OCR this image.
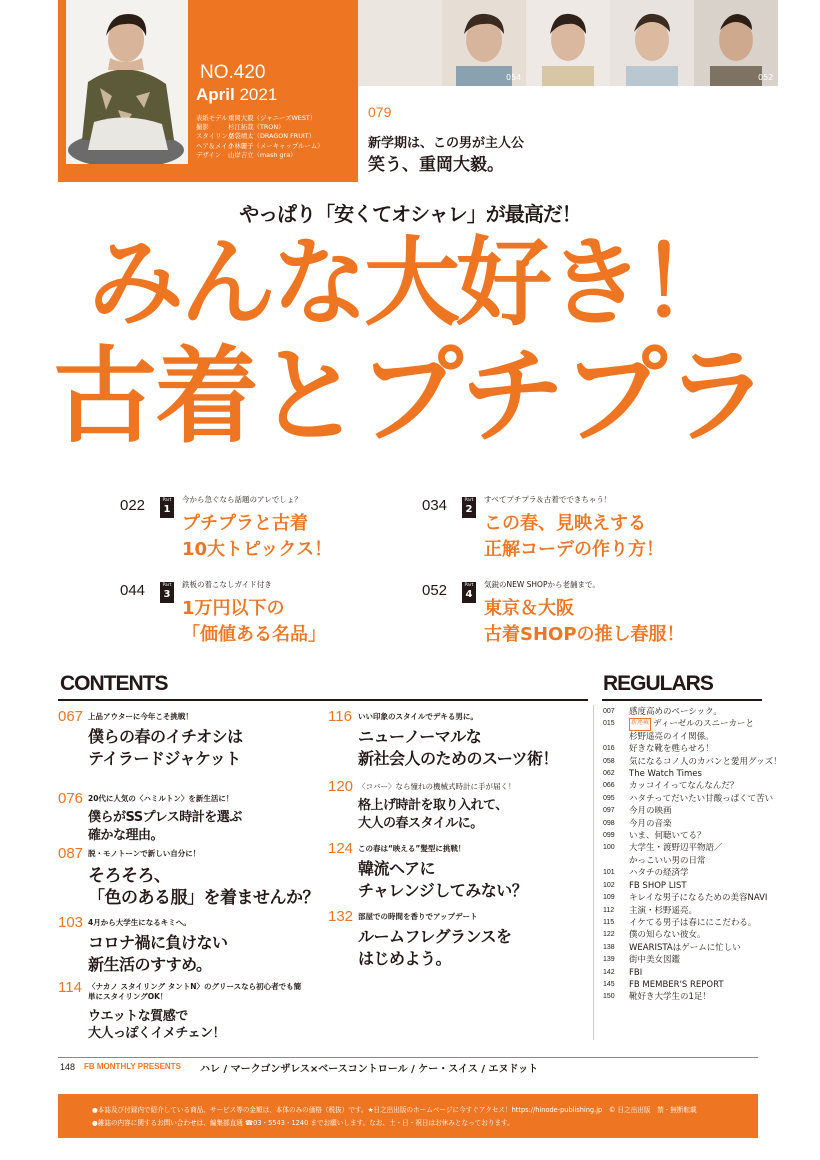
NO.420
April 2021
表紙モデル 重岡大毅（ジャニーズWEST）
撮影	杉江拓哉（TRON）
スタイリング
島袋靖太（DRAGON FRUIT）
ヘア＆メイク
小林麗子（メーキャップルーム）
デザイン	山岸吉立（mash gra）
054	052
079
新学期は、この男が主人公
笑う、重岡大毅。
やっぱり「安くてオシャレ」が最高だ！
みんな大好き！
古着とプチプラ
022	Part
1
今から急ぐなら話題のアレでしょ？
プチプラと古着
10大トピックス！
034	Part
2
すべてプチプラ＆古着でできちゃう！
この春、見映えする
正解コーデの作り方！
044	Part
3
鉄板の着こなしガイド付き
1万円以下の
「価値ある名品」
052	Part
4
気鋭のNEW SHOPから老舗まで。
東京＆大阪
古着SHOPの推し春服！
CONTENTS
067 上品アウターに今年こそ挑戦！
僕らの春のイチオシは
テイラードジャケット
076 20代に人気の〈ハミルトン〉を新生活に！
僕らがSSプレス時計を選ぶ
確かな理由。
087 脱・モノトーンで新しい自分に！
そろそろ、
「色のある服」を着ませんか？
103 4月から大学生になるキミへ。
コロナ禍に負けない
新生活のすすめ。
114 〈ナカノ スタイリング タントN〉のグリースなら初心者でも簡単にスタイリングOK！
ウエットな質感で
大人っぽくイメチェン！
116 いい印象のスタイルでデキる男に。
ニューノーマルな
新社会人のためのスーツ術！
120 〈コバー〉なら憧れの機械式時計に手が届く！
格上げ時計を取り入れて、
大人の春スタイルに。
124 この春は“映える”髪型に挑戦！
韓流ヘアに
チャレンジしてみない？
132 部屋での時間を香りでアップデート
ルームフレグランスを
はじめよう。
REGULARS
007	感度高めのベーシック。
015	新連載 ディーゼルのスニーカーと
杉野遥亮のイイ関係。
016	好きな靴を甦らせろ！
058	気になるコノ人のカバンと愛用グッズ！
062	The Watch Times
066	カッコイイってなんなんだ？
095	ハタチってだいたい甘酸っぱくて苦い
097	今月の映画
098	今月の音楽
099	いま、何聴いてる？
100	大学生・渡野辺平物語／
かっこいい男の日常
101	ハタチの経済学
102	FB SHOP LIST
109	キレイな男子になるための美容NAVI
112	主演・杉野遥亮。
115	イケてる男子は春ににこだわる。
122	僕の知らない彼女。
138	WEARISTAはゲームに忙しい
139	街中美女図鑑
142	FBI
145	FB MEMBER'S REPORT
150	靴好き大学生の1足！
148 FB MONTHLY PRESENTS ハレ / マークゴンザレス×ベースコントロール / ケー・スイス / エヌドット
●本誌及び付録内で紹介している商品、サービス等の金額は、本体のみの価格（税抜）です。★日之出出版のホームページに今すぐアクセス！https://hinode-publishing.jp　© 日之出出版　禁・無断転載
●雑誌の内容に関するお問い合わせは、編集部直通 ☎03・5543・1240 までお願いします。なお、土・日・祝日はお休みとなっております。
